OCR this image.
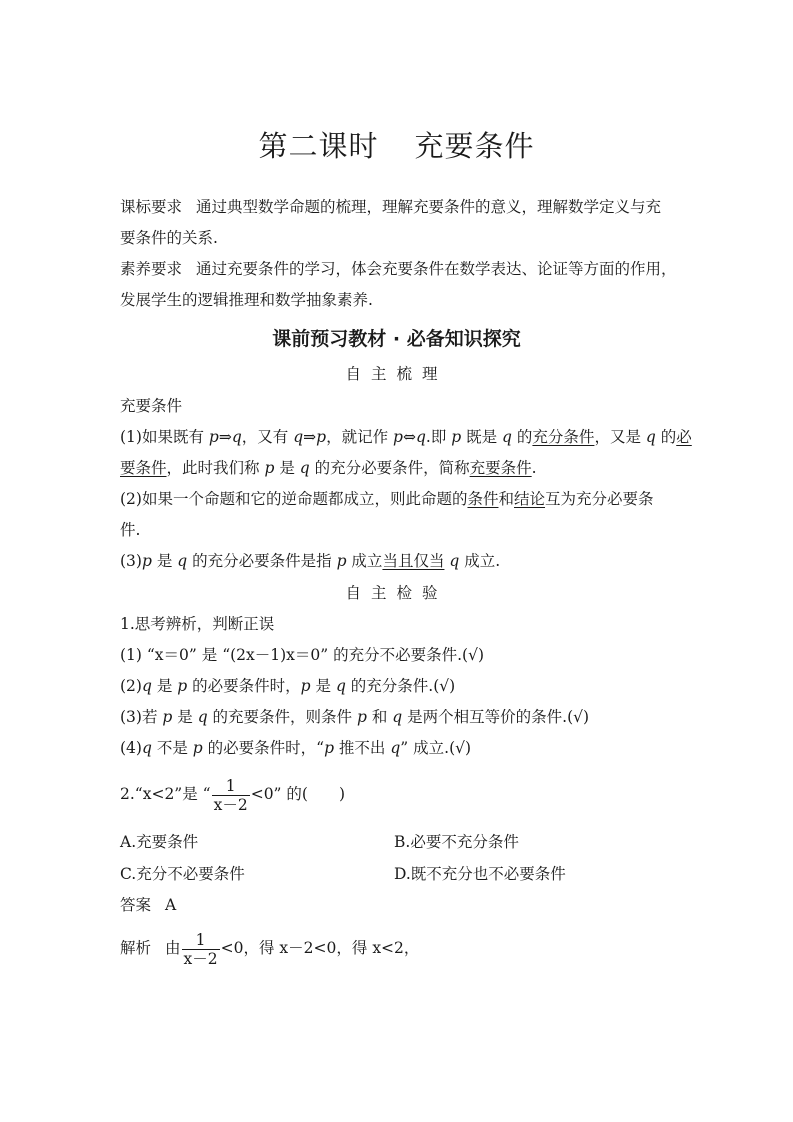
第二课时 充要条件
课标要求 通过典型数学命题的梳理，理解充要条件的意义，理解数学定义与充
要条件的关系.
素养要求 通过充要条件的学习，体会充要条件在数学表达、论证等方面的作用，
发展学生的逻辑推理和数学抽象素养.
课前预习教材 · 必备知识探究
自主梳理
充要条件
(1)如果既有 p⇒q，又有 q⇒p，就记作 p⇔q.即 p 既是 q 的充分条件，又是 q 的必
要条件，此时我们称 p 是 q 的充分必要条件，简称充要条件.
(2)如果一个命题和它的逆命题都成立，则此命题的条件和结论互为充分必要条
件.
(3)p 是 q 的充分必要条件是指 p 成立当且仅当 q 成立.
自主检验
1.思考辨析，判断正误
(1) “x＝0” 是 “(2x－1)x＝0” 的充分不必要条件.(√)
(2)q 是 p 的必要条件时，p 是 q 的充分条件.(√)
(3)若 p 是 q 的充要条件，则条件 p 和 q 是两个相互等价的条件.(√)
(4)q 不是 p 的必要条件时，“p 推不出 q” 成立.(√)
2.“x<2”是 “ $\frac{1}{x-2} <0$” 的(　　)
A.充要条件	B.必要不充分条件
C.充分不必要条件	D.既不充分也不必要条件
答案 A
解析 由 $\frac{1}{x-2} <0$，得 x－2<0，得 x<2，
